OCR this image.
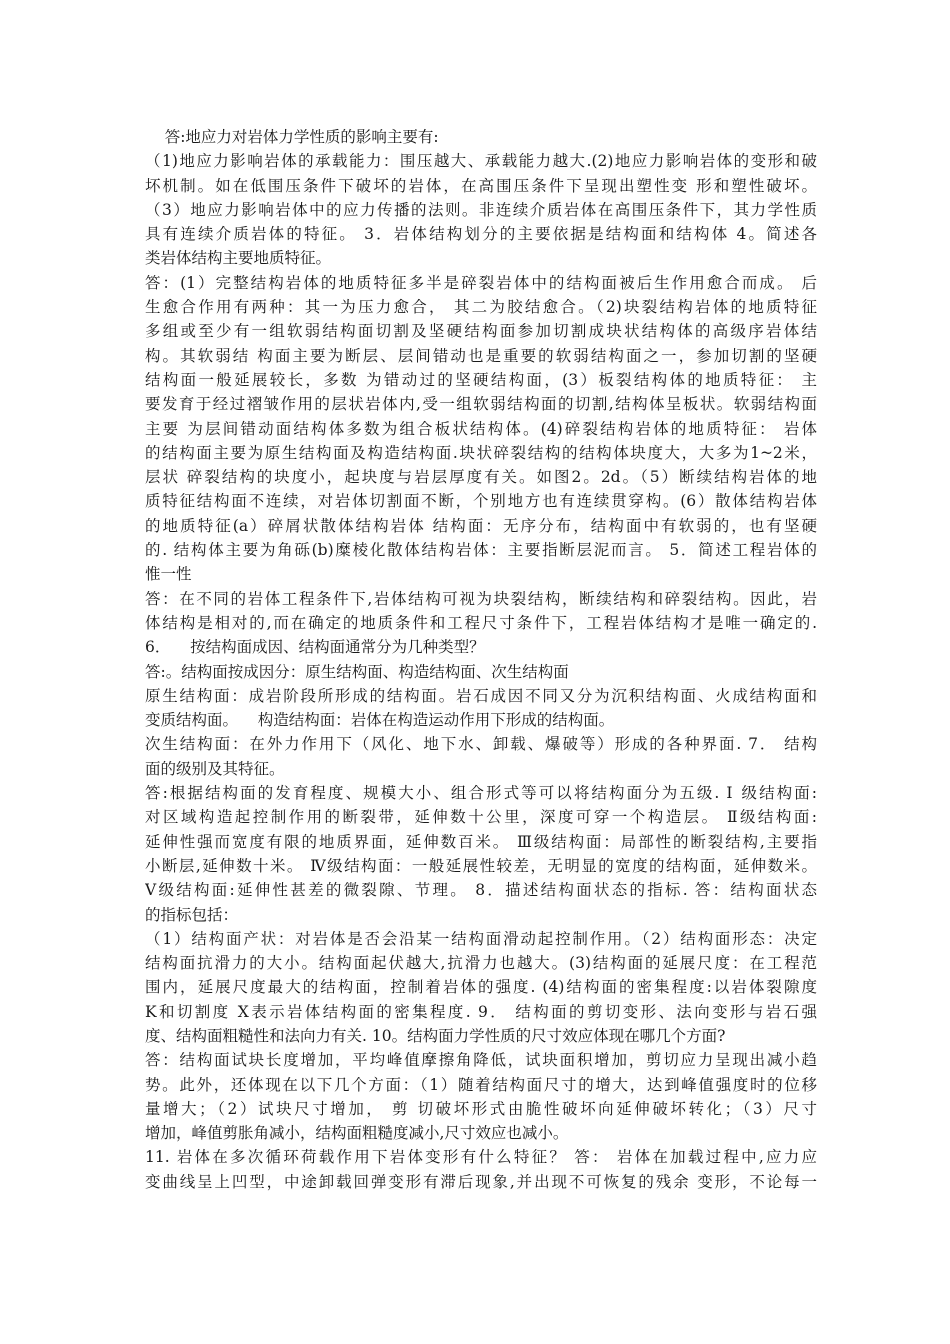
答:地应力对岩体力学性质的影响主要有:
（1)地应力影响岩体的承载能力：围压越大、承载能力越大.(2)地应力影响岩体的变形和破
坏机制。如在低围压条件下破坏的岩体，在高围压条件下呈现出塑性变 形和塑性破坏。
（3）地应力影响岩体中的应力传播的法则。非连续介质岩体在高围压条件下，其力学性质
具有连续介质岩体的特征。 3．岩体结构划分的主要依据是结构面和结构体 4。简述各
类岩体结构主要地质特征。
答：(1）完整结构岩体的地质特征多半是碎裂岩体中的结构面被后生作用愈合而成。 后
生愈合作用有两种：其一为压力愈合， 其二为胶结愈合。（2)块裂结构岩体的地质特征
多组或至少有一组软弱结构面切割及坚硬结构面参加切割成块状结构体的高级序岩体结
构。其软弱结 构面主要为断层、层间错动也是重要的软弱结构面之一，参加切割的坚硬
结构面一般延展较长，多数 为错动过的坚硬结构面，(3）板裂结构体的地质特征： 主
要发育于经过褶皱作用的层状岩体内,受一组软弱结构面的切割,结构体呈板状。软弱结构面
主要 为层间错动面结构体多数为组合板状结构体。(4)碎裂结构岩体的地质特征： 岩体
的结构面主要为原生结构面及构造结构面.块状碎裂结构的结构体块度大，大多为1~2米，
层状 碎裂结构的块度小，起块度与岩层厚度有关。如图2。2d。（5）断续结构岩体的地
质特征结构面不连续，对岩体切割面不断，个别地方也有连续贯穿构。(6）散体结构岩体
的地质特征(a）碎屑状散体结构岩体 结构面：无序分布，结构面中有软弱的，也有坚硬
的. 结构体主要为角砾(b)糜棱化散体结构岩体：主要指断层泥而言。 5．简述工程岩体的
惟一性
答：在不同的岩体工程条件下,岩体结构可视为块裂结构，断续结构和碎裂结构。因此，岩
体结构是相对的,而在确定的地质条件和工程尺寸条件下，工程岩体结构才是唯一确定的.
6．    按结构面成因、结构面通常分为几种类型？
答:。结构面按成因分：原生结构面、构造结构面、次生结构面
原生结构面：成岩阶段所形成的结构面。岩石成因不同又分为沉积结构面、火成结构面和
变质结构面。    构造结构面：岩体在构造运动作用下形成的结构面。
次生结构面：在外力作用下（风化、地下水、卸载、爆破等）形成的各种界面. 7． 结构
面的级别及其特征。
答:根据结构面的发育程度、规模大小、组合形式等可以将结构面分为五级. Ⅰ 级结构面:
对区域构造起控制作用的断裂带，延伸数十公里，深度可穿一个构造层。 Ⅱ级结构面:
延伸性强而宽度有限的地质界面，延伸数百米。 Ⅲ级结构面：局部性的断裂结构,主要指
小断层,延伸数十米。 Ⅳ级结构面：一般延展性较差，无明显的宽度的结构面，延伸数米。
Ⅴ级结构面:延伸性甚差的微裂隙、节理。 8．描述结构面状态的指标. 答：结构面状态
的指标包括：
（1）结构面产状：对岩体是否会沿某一结构面滑动起控制作用。（2）结构面形态：决定
结构面抗滑力的大小。结构面起伏越大,抗滑力也越大。(3)结构面的延展尺度：在工程范
围内，延展尺度最大的结构面，控制着岩体的强度. (4)结构面的密集程度:以岩体裂隙度
K和切割度 X表示岩体结构面的密集程度. 9． 结构面的剪切变形、法向变形与岩石强
度、结构面粗糙性和法向力有关. 10。结构面力学性质的尺寸效应体现在哪几个方面?
答：结构面试块长度增加，平均峰值摩擦角降低，试块面积增加，剪切应力呈现出减小趋
势。此外，还体现在以下几个方面：（1）随着结构面尺寸的增大，达到峰值强度时的位移
量增大；（2）试块尺寸增加， 剪 切破坏形式由脆性破坏向延伸破坏转化；（3）尺寸
增加，峰值剪胀角减小，结构面粗糙度减小,尺寸效应也减小。
11. 岩体在多次循环荷载作用下岩体变形有什么特征？ 答： 岩体在加载过程中,应力应
变曲线呈上凹型，中途卸载回弹变形有滞后现象,并出现不可恢复的残余 变形，不论每一
